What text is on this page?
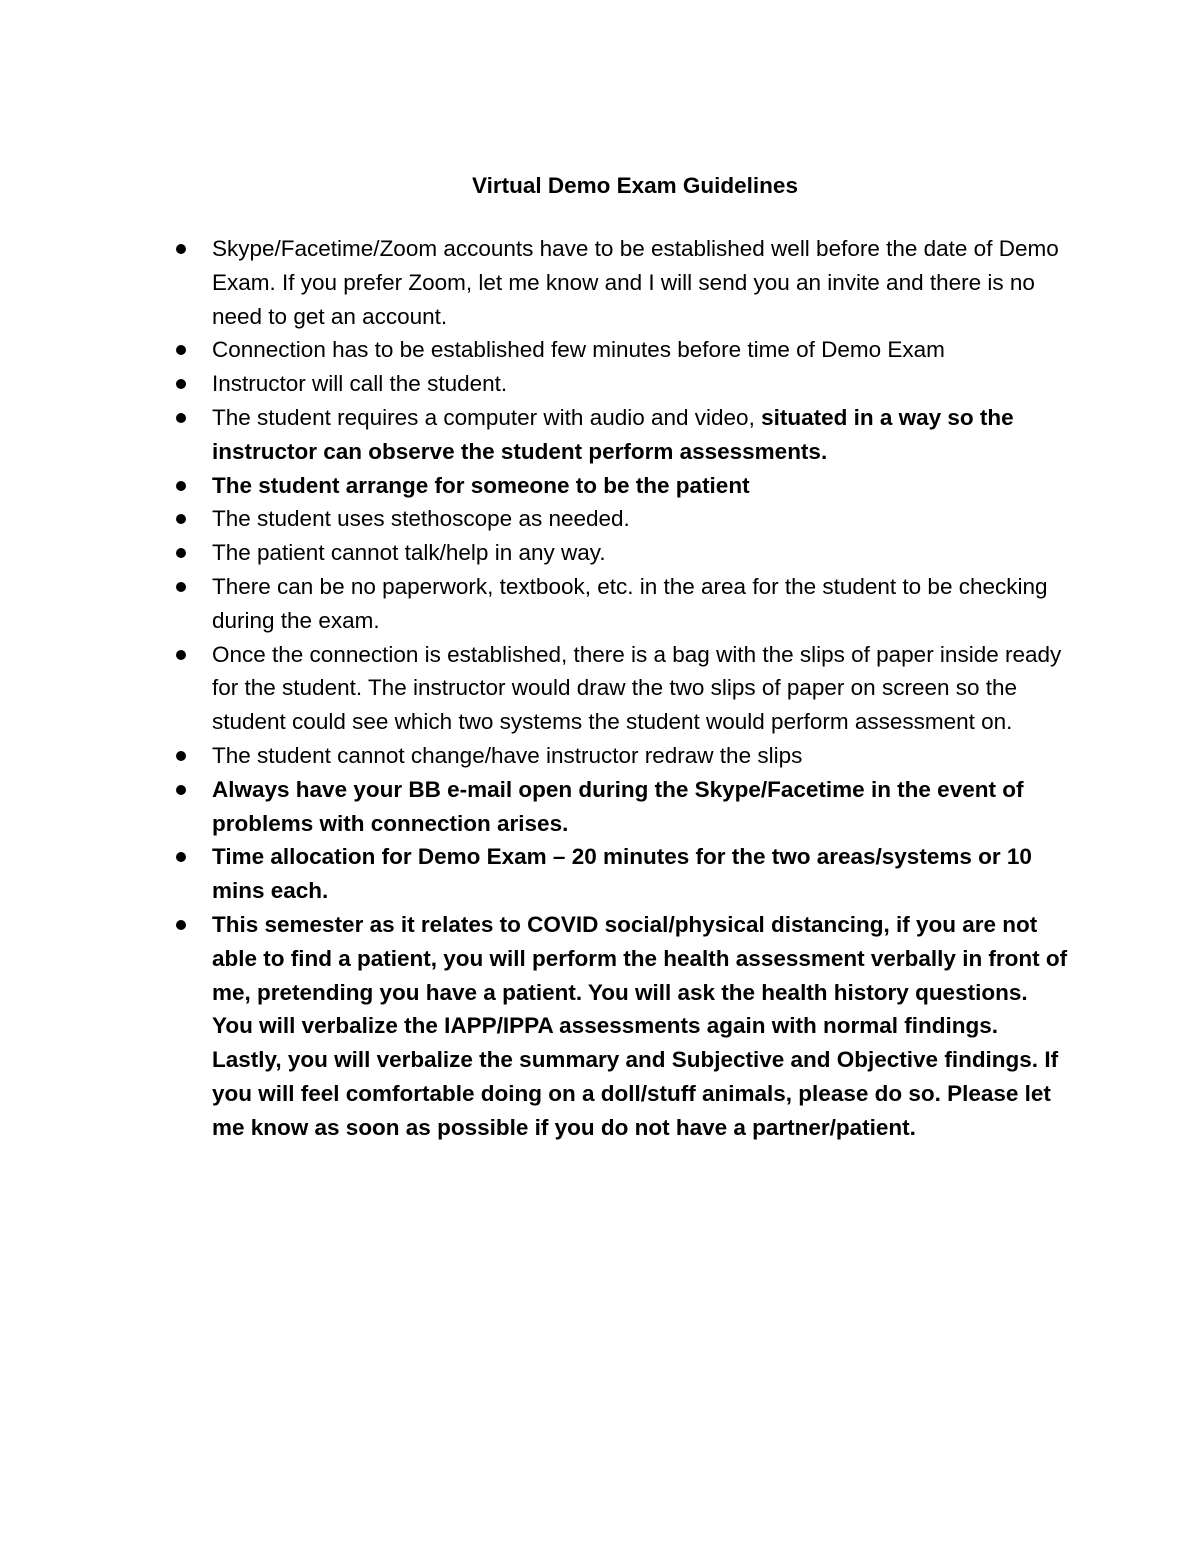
Virtual Demo Exam Guidelines
Skype/Facetime/Zoom accounts have to be established well before the date of Demo Exam. If you prefer Zoom, let me know and I will send you an invite and there is no need to get an account.
Connection has to be established few minutes before time of Demo Exam
Instructor will call the student.
The student requires a computer with audio and video, situated in a way so the instructor can observe the student perform assessments.
The student arrange for someone to be the patient
The student uses stethoscope as needed.
The patient cannot talk/help in any way.
There can be no paperwork, textbook, etc. in the area for the student to be checking during the exam.
Once the connection is established, there is a bag with the slips of paper inside ready for the student. The instructor would draw the two slips of paper on screen so the student could see which two systems the student would perform assessment on.
The student cannot change/have instructor redraw the slips
Always have your BB e-mail open during the Skype/Facetime in the event of problems with connection arises.
Time allocation for Demo Exam – 20 minutes for the two areas/systems or 10 mins each.
This semester as it relates to COVID social/physical distancing, if you are not able to find a patient, you will perform the health assessment verbally in front of me, pretending you have a patient. You will ask the health history questions. You will verbalize the IAPP/IPPA assessments again with normal findings. Lastly, you will verbalize the summary and Subjective and Objective findings. If you will feel comfortable doing on a doll/stuff animals, please do so. Please let me know as soon as possible if you do not have a partner/patient.
